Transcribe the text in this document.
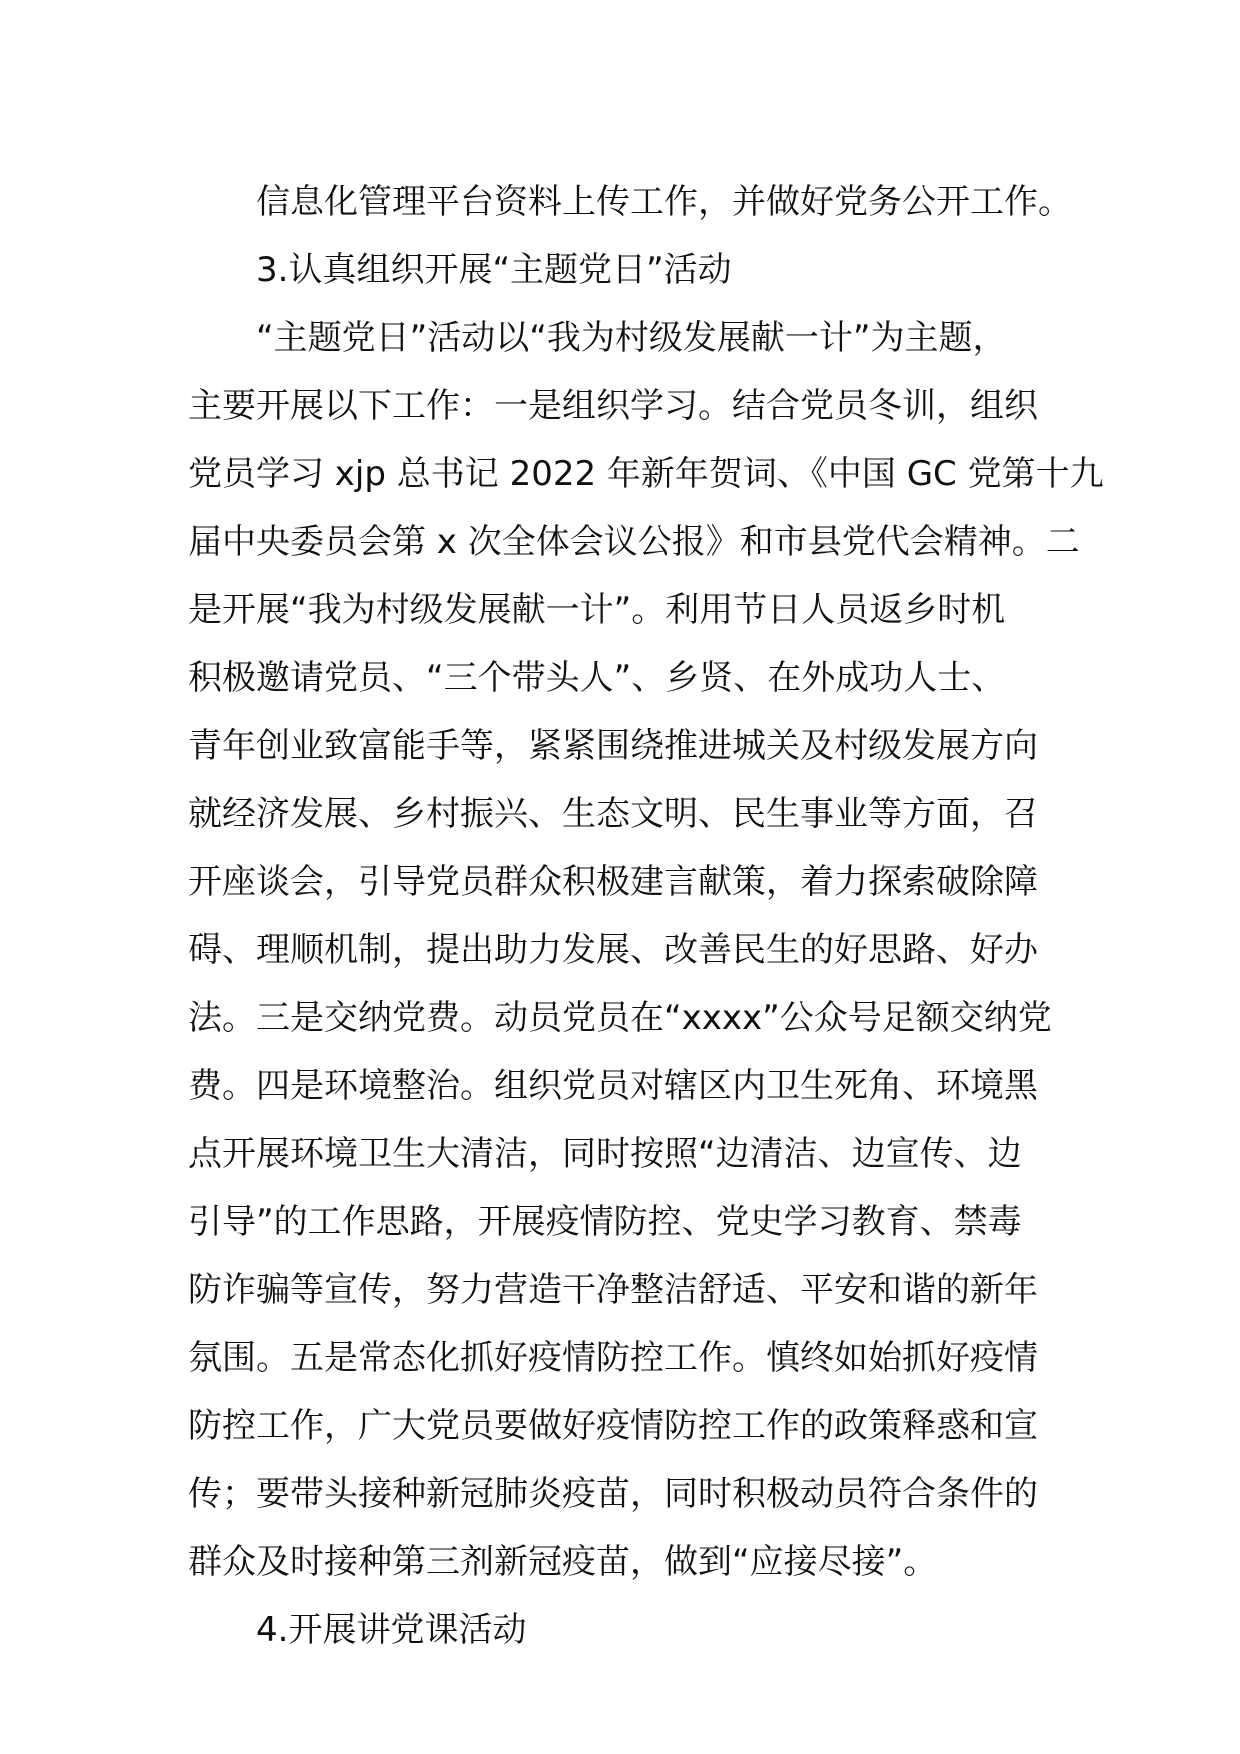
信息化管理平台资料上传工作，并做好党务公开工作。
3.认真组织开展“主题党日”活动
“主题党日”活动以“我为村级发展献一计”为主题，
主要开展以下工作：一是组织学习。结合党员冬训，组织
党员学习 xjp 总书记 2022 年新年贺词、《中国 GC 党第十九
届中央委员会第 x 次全体会议公报》和市县党代会精神。二
是开展“我为村级发展献一计”。利用节日人员返乡时机
积极邀请党员、“三个带头人”、乡贤、在外成功人士、
青年创业致富能手等，紧紧围绕推进城关及村级发展方向
就经济发展、乡村振兴、生态文明、民生事业等方面，召
开座谈会，引导党员群众积极建言献策，着力探索破除障
碍、理顺机制，提出助力发展、改善民生的好思路、好办
法。三是交纳党费。动员党员在“xxxx”公众号足额交纳党
费。四是环境整治。组织党员对辖区内卫生死角、环境黑
点开展环境卫生大清洁，同时按照“边清洁、边宣传、边
引导”的工作思路，开展疫情防控、党史学习教育、禁毒
防诈骗等宣传，努力营造干净整洁舒适、平安和谐的新年
氛围。五是常态化抓好疫情防控工作。慎终如始抓好疫情
防控工作，广大党员要做好疫情防控工作的政策释惑和宣
传；要带头接种新冠肺炎疫苗，同时积极动员符合条件的
群众及时接种第三剂新冠疫苗，做到“应接尽接”。
4.开展讲党课活动
